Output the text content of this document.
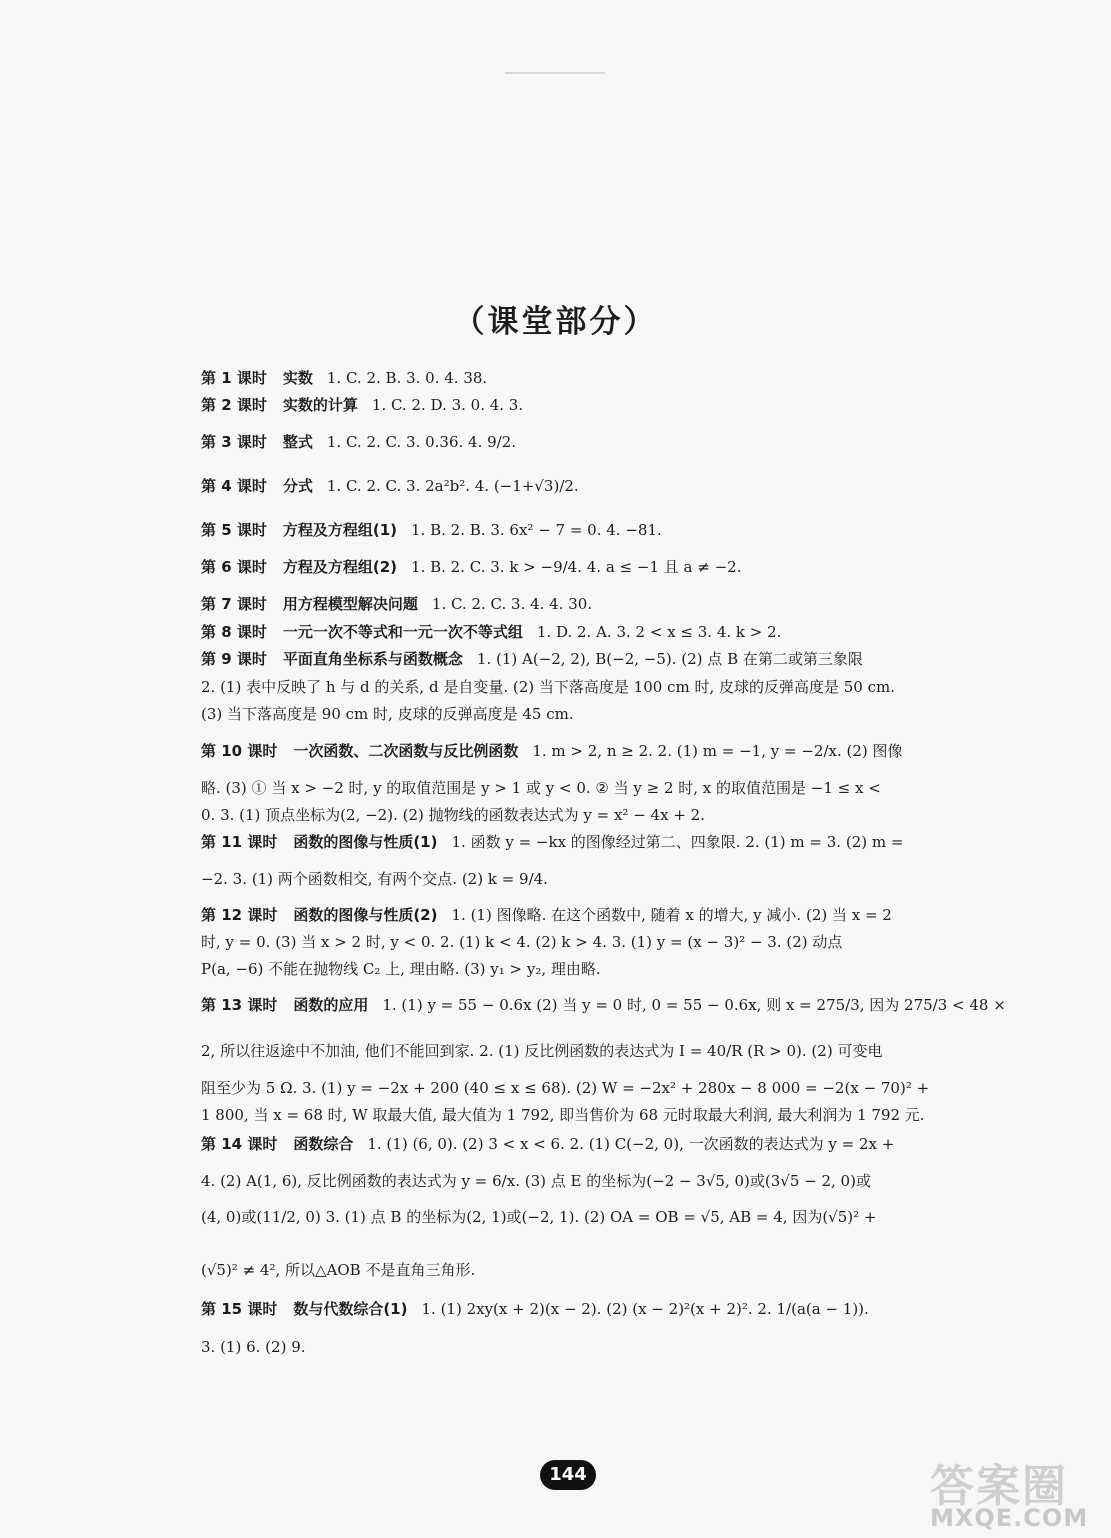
（课堂部分）
第 1 课时 实数 1. C. 2. B. 3. 0. 4. 38.
第 2 课时 实数的计算 1. C. 2. D. 3. 0. 4. 3.
第 3 课时 整式 1. C. 2. C. 3. 0.36. 4. 9/2.
第 4 课时 分式 1. C. 2. C. 3. 2a²b². 4. (−1+√3)/2.
第 5 课时 方程及方程组(1) 1. B. 2. B. 3. 6x² − 7 = 0. 4. −81.
第 6 课时 方程及方程组(2) 1. B. 2. C. 3. k > −9/4. 4. a ≤ −1 且 a ≠ −2.
第 7 课时 用方程模型解决问题 1. C. 2. C. 3. 4. 4. 30.
第 8 课时 一元一次不等式和一元一次不等式组 1. D. 2. A. 3. 2 < x ≤ 3. 4. k > 2.
第 9 课时 平面直角坐标系与函数概念 1. (1) A(−2, 2), B(−2, −5). (2) 点 B 在第二或第三象限
2. (1) 表中反映了 h 与 d 的关系, d 是自变量. (2) 当下落高度是 100 cm 时, 皮球的反弹高度是 50 cm.
(3) 当下落高度是 90 cm 时, 皮球的反弹高度是 45 cm.
第 10 课时 一次函数、二次函数与反比例函数 1. m > 2, n ≥ 2. 2. (1) m = −1, y = −2/x. (2) 图像
略. (3) ① 当 x > −2 时, y 的取值范围是 y > 1 或 y < 0. ② 当 y ≥ 2 时, x 的取值范围是 −1 ≤ x <
0. 3. (1) 顶点坐标为(2, −2). (2) 抛物线的函数表达式为 y = x² − 4x + 2.
第 11 课时 函数的图像与性质(1) 1. 函数 y = −kx 的图像经过第二、四象限. 2. (1) m = 3. (2) m =
−2. 3. (1) 两个函数相交, 有两个交点. (2) k = 9/4.
第 12 课时 函数的图像与性质(2) 1. (1) 图像略. 在这个函数中, 随着 x 的增大, y 减小. (2) 当 x = 2
时, y = 0. (3) 当 x > 2 时, y < 0. 2. (1) k < 4. (2) k > 4. 3. (1) y = (x − 3)² − 3. (2) 动点
P(a, −6) 不能在抛物线 C₂ 上, 理由略. (3) y₁ > y₂, 理由略.
第 13 课时 函数的应用 1. (1) y = 55 − 0.6x (2) 当 y = 0 时, 0 = 55 − 0.6x, 则 x = 275/3, 因为 275/3 < 48 ×
2, 所以往返途中不加油, 他们不能回到家. 2. (1) 反比例函数的表达式为 I = 40/R (R > 0). (2) 可变电
阻至少为 5 Ω. 3. (1) y = −2x + 200 (40 ≤ x ≤ 68). (2) W = −2x² + 280x − 8 000 = −2(x − 70)² +
1 800, 当 x = 68 时, W 取最大值, 最大值为 1 792, 即当售价为 68 元时取最大利润, 最大利润为 1 792 元.
第 14 课时 函数综合 1. (1) (6, 0). (2) 3 < x < 6. 2. (1) C(−2, 0), 一次函数的表达式为 y = 2x +
4. (2) A(1, 6), 反比例函数的表达式为 y = 6/x. (3) 点 E 的坐标为(−2 − 3√5, 0)或(3√5 − 2, 0)或
(4, 0)或(11/2, 0) 3. (1) 点 B 的坐标为(2, 1)或(−2, 1). (2) OA = OB = √5, AB = 4, 因为(√5)² +
(√5)² ≠ 4², 所以△AOB 不是直角三角形.
第 15 课时 数与代数综合(1) 1. (1) 2xy(x + 2)(x − 2). (2) (x − 2)²(x + 2)². 2. 1/(a(a − 1)).
3. (1) 6. (2) 9.
144	答案圈
MXQE.COM
